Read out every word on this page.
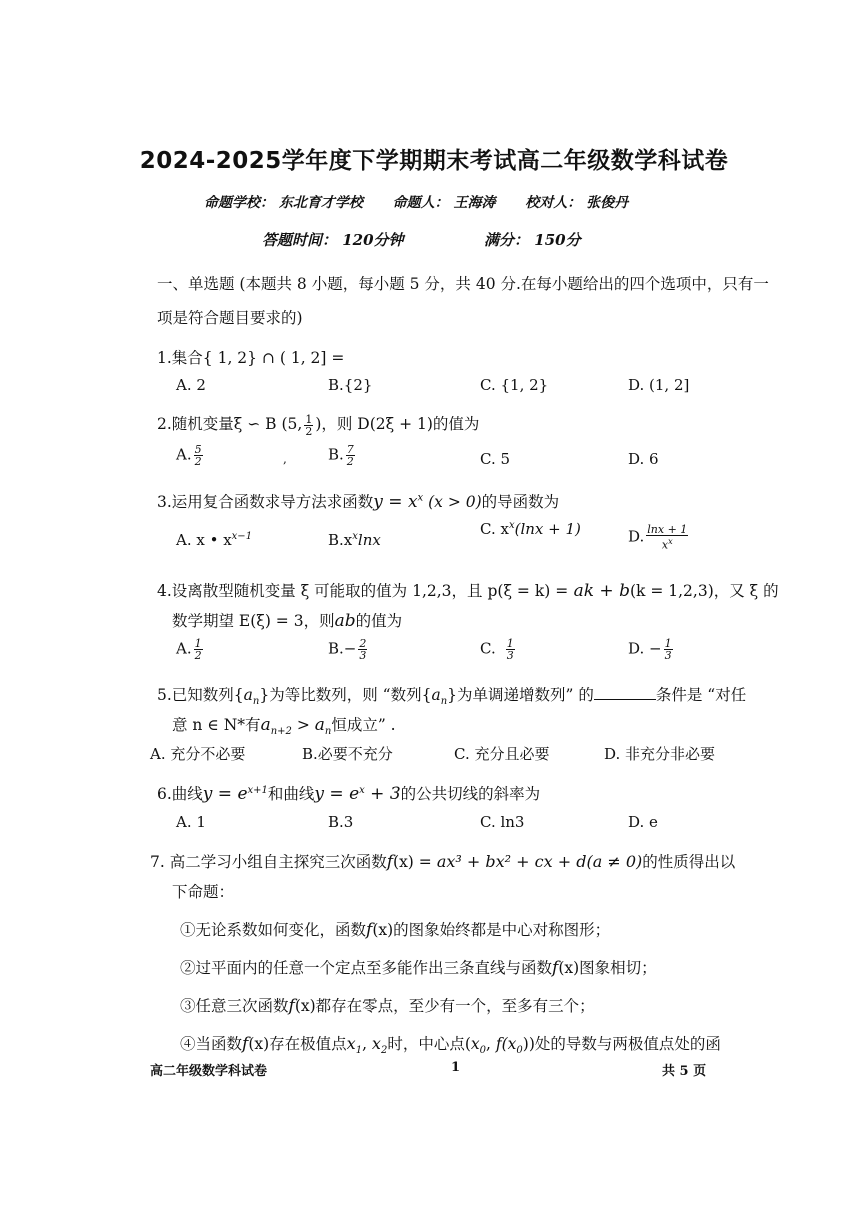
2024-2025学年度下学期期末考试高二年级数学科试卷
命题学校： 东北育才学校 命题人： 王海涛 校对人： 张俊丹
答题时间： 120分钟	满分： 150分
一、单选题 (本题共 8 小题，每小题 5 分，共 40 分.在每小题给出的四个选项中，只有一
项是符合题目要求的)
1.集合{ 1, 2} ∩ ( 1, 2] =
A. 2	B.{2}	C. {1, 2}	D. (1, 2]
2.随机变量ξ ∽ B (5, $\frac{1}{2}$ )，则 D(2ξ + 1)的值为
A. $\frac{5}{2}$	,	B. $\frac{7}{2}$	C. 5	D. 6
3.运用复合函数求导方法求函数$y = x^x$ (x > 0)的导函数为
A. x • $x^{x-1}$	$B.x^x\ln x$
C. $x^x(\ln x + 1)$	D. $\frac{\ln x + 1}{x^x}$
4.设离散型随机变量 ξ 可能取的值为 1,2,3，且 p(ξ = k) = ak + b(k = 1,2,3)，又 ξ 的
数学期望 E(ξ) = 3，则ab的值为
A. $\frac{1}{2}$	$B.- \frac{2}{3}$	C. $\frac{1}{3}$	D. − $\frac{1}{3}$
5.已知数列$\{a_n\}$为等比数列，则 “数列$\{a_n\}$为单调递增数列” 的	条件是 “对任
意 n ∈ N*有$a_{n+2} > a_n$恒成立” .
A. 充分不必要	B.必要不充分	C. 充分且必要	D. 非充分非必要
6.曲线$y = e^{x+1}$和曲线$y = e^x + 3$的公共切线的斜率为
A. 1	B.3	C. ln3	D. e
7. 高二学习小组自主探究三次函数f(x) = ax³ + bx² + cx + d(a ≠ 0)的性质得出以
下命题：
①无论系数如何变化，函数f(x)的图象始终都是中心对称图形；
②过平面内的任意一个定点至多能作出三条直线与函数f(x)图象相切；
③任意三次函数f(x)都存在零点，至少有一个，至多有三个；
④当函数f(x)存在极值点$x_1$, $x_2$时，中心点($x_0$, $f(x_0)$)处的导数与两极值点处的函
高二年级数学科试卷	1	共 5 页
